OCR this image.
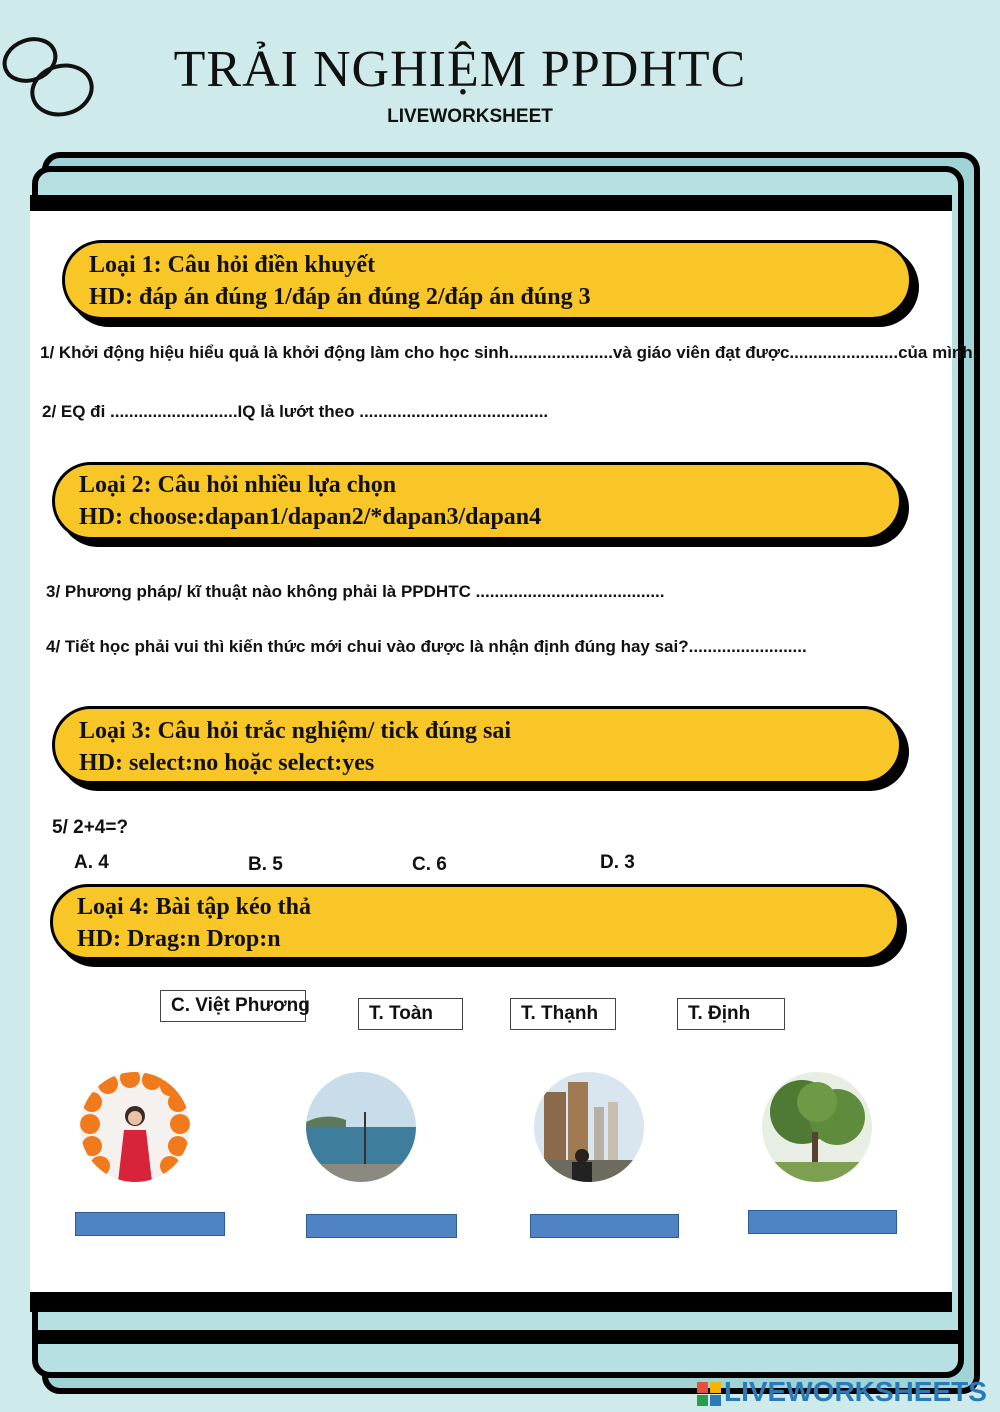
TRẢI NGHIỆM PPDHTC
LIVEWORKSHEET
Loại 1: Câu hỏi điền khuyết
HD: đáp án đúng 1/đáp án đúng 2/đáp án đúng 3
1/ Khởi động hiệu hiểu quả là khởi động làm cho học sinh......................và giáo viên đạt được.......................của mình.
2/ EQ đi ...........................IQ lả lướt theo ........................................
Loại 2: Câu hỏi nhiều lựa chọn
HD: choose:dapan1/dapan2/*dapan3/dapan4
3/ Phương pháp/ kĩ thuật nào không phải là PPDHTC ........................................
4/ Tiết học phải vui thì kiến thức mới chui vào được là nhận định đúng hay sai?.........................
Loại 3: Câu hỏi trắc nghiệm/ tick đúng sai
HD: select:no hoặc select:yes
5/ 2+4=?
A. 4	B. 5	C. 6	D. 3
Loại 4: Bài tập kéo thả
HD: Drag:n Drop:n
C. Việt Phương	T. Toàn	T. Thạnh	T. Định
LIVEWORKSHEETS
